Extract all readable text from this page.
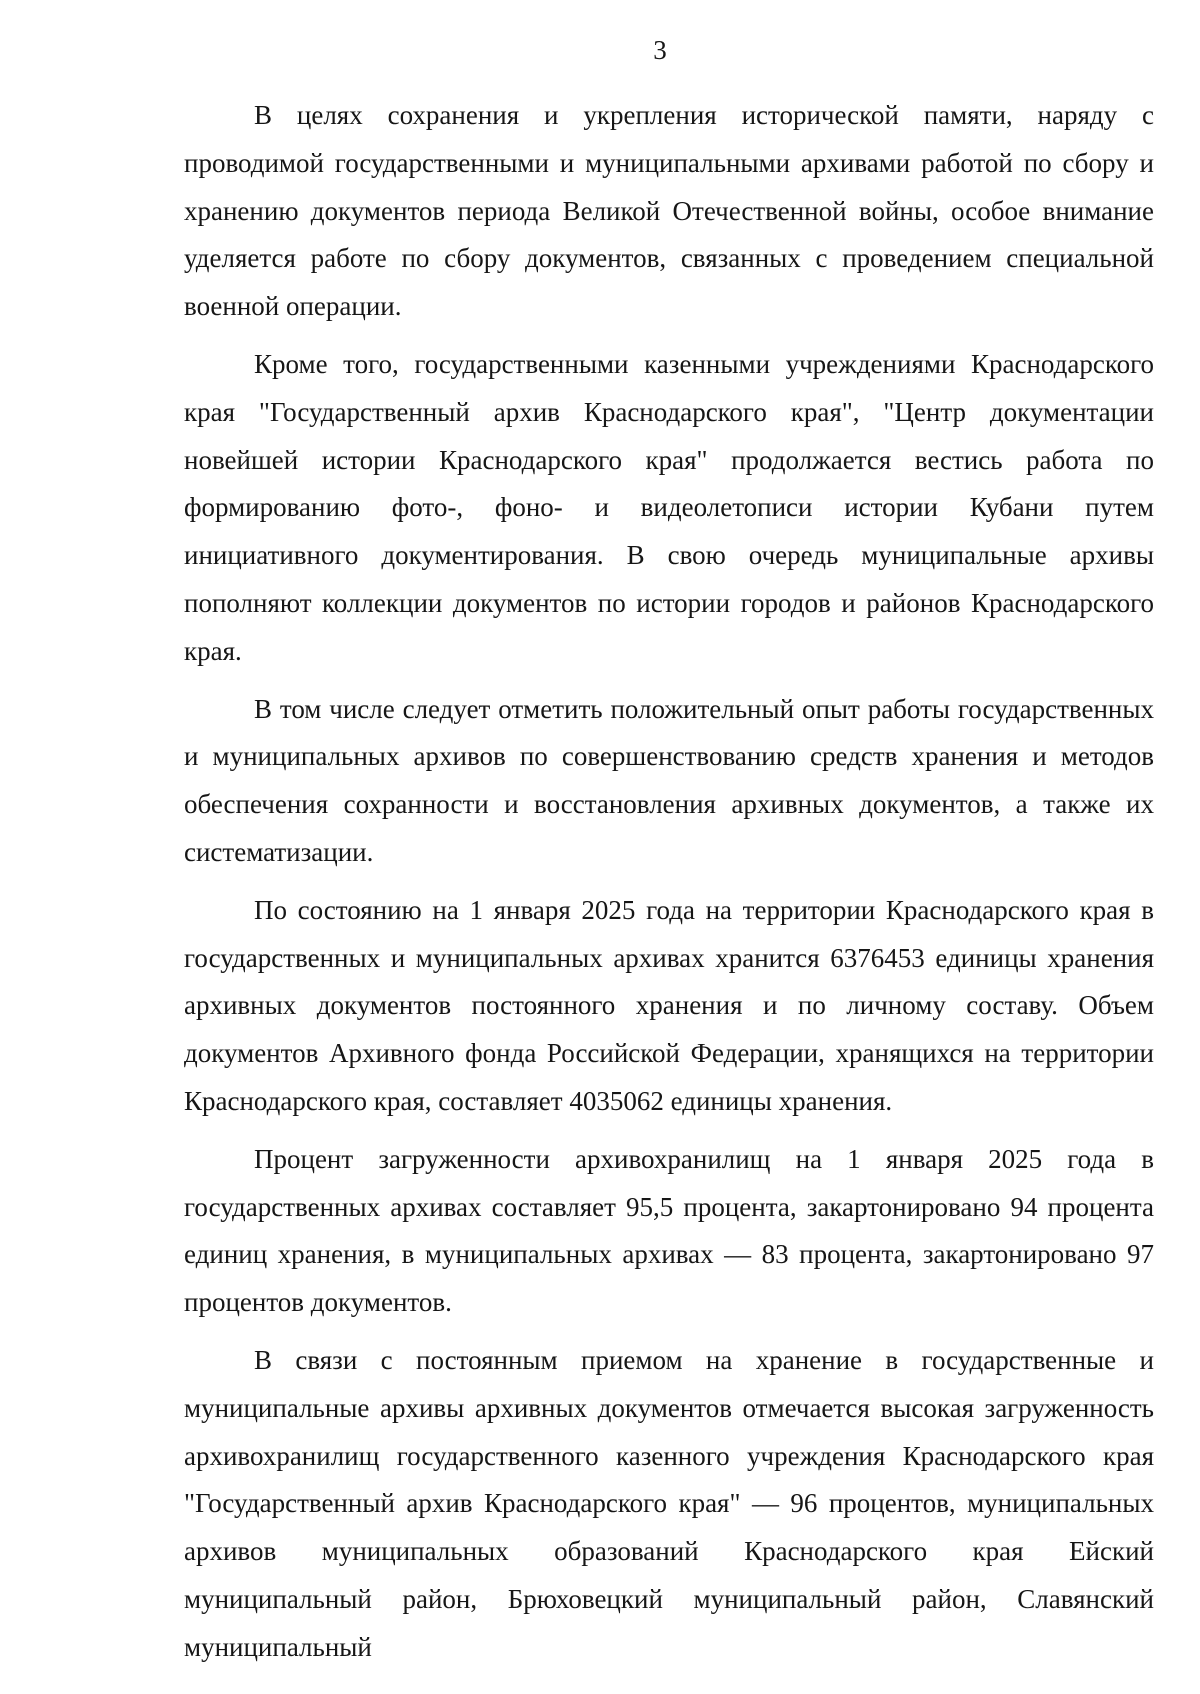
3

В целях сохранения и укрепления исторической памяти, наряду с проводимой государственными и муниципальными архивами работой по сбору и хранению документов периода Великой Отечественной войны, особое внимание уделяется работе по сбору документов, связанных с проведением специальной военной операции.

Кроме того, государственными казенными учреждениями Краснодарского края "Государственный архив Краснодарского края", "Центр документации новейшей истории Краснодарского края" продолжается вестись работа по формированию фото-, фоно- и видеолетописи истории Кубани путем инициативного документирования. В свою очередь муниципальные архивы пополняют коллекции документов по истории городов и районов Краснодарского края.

В том числе следует отметить положительный опыт работы государственных и муниципальных архивов по совершенствованию средств хранения и методов обеспечения сохранности и восстановления архивных документов, а также их систематизации.

По состоянию на 1 января 2025 года на территории Краснодарского края в государственных и муниципальных архивах хранится 6376453 единицы хранения архивных документов постоянного хранения и по личному составу. Объем документов Архивного фонда Российской Федерации, хранящихся на территории Краснодарского края, составляет 4035062 единицы хранения.

Процент загруженности архивохранилищ на 1 января 2025 года в государственных архивах составляет 95,5 процента, закартонировано 94 процента единиц хранения, в муниципальных архивах — 83 процента, закартонировано 97 процентов документов.

В связи с постоянным приемом на хранение в государственные и муниципальные архивы архивных документов отмечается высокая загруженность архивохранилищ государственного казенного учреждения Краснодарского края "Государственный архив Краснодарского края" — 96 процентов, муниципальных архивов муниципальных образований Краснодарского края Ейский муниципальный район, Брюховецкий муниципальный район, Славянский муниципальный
